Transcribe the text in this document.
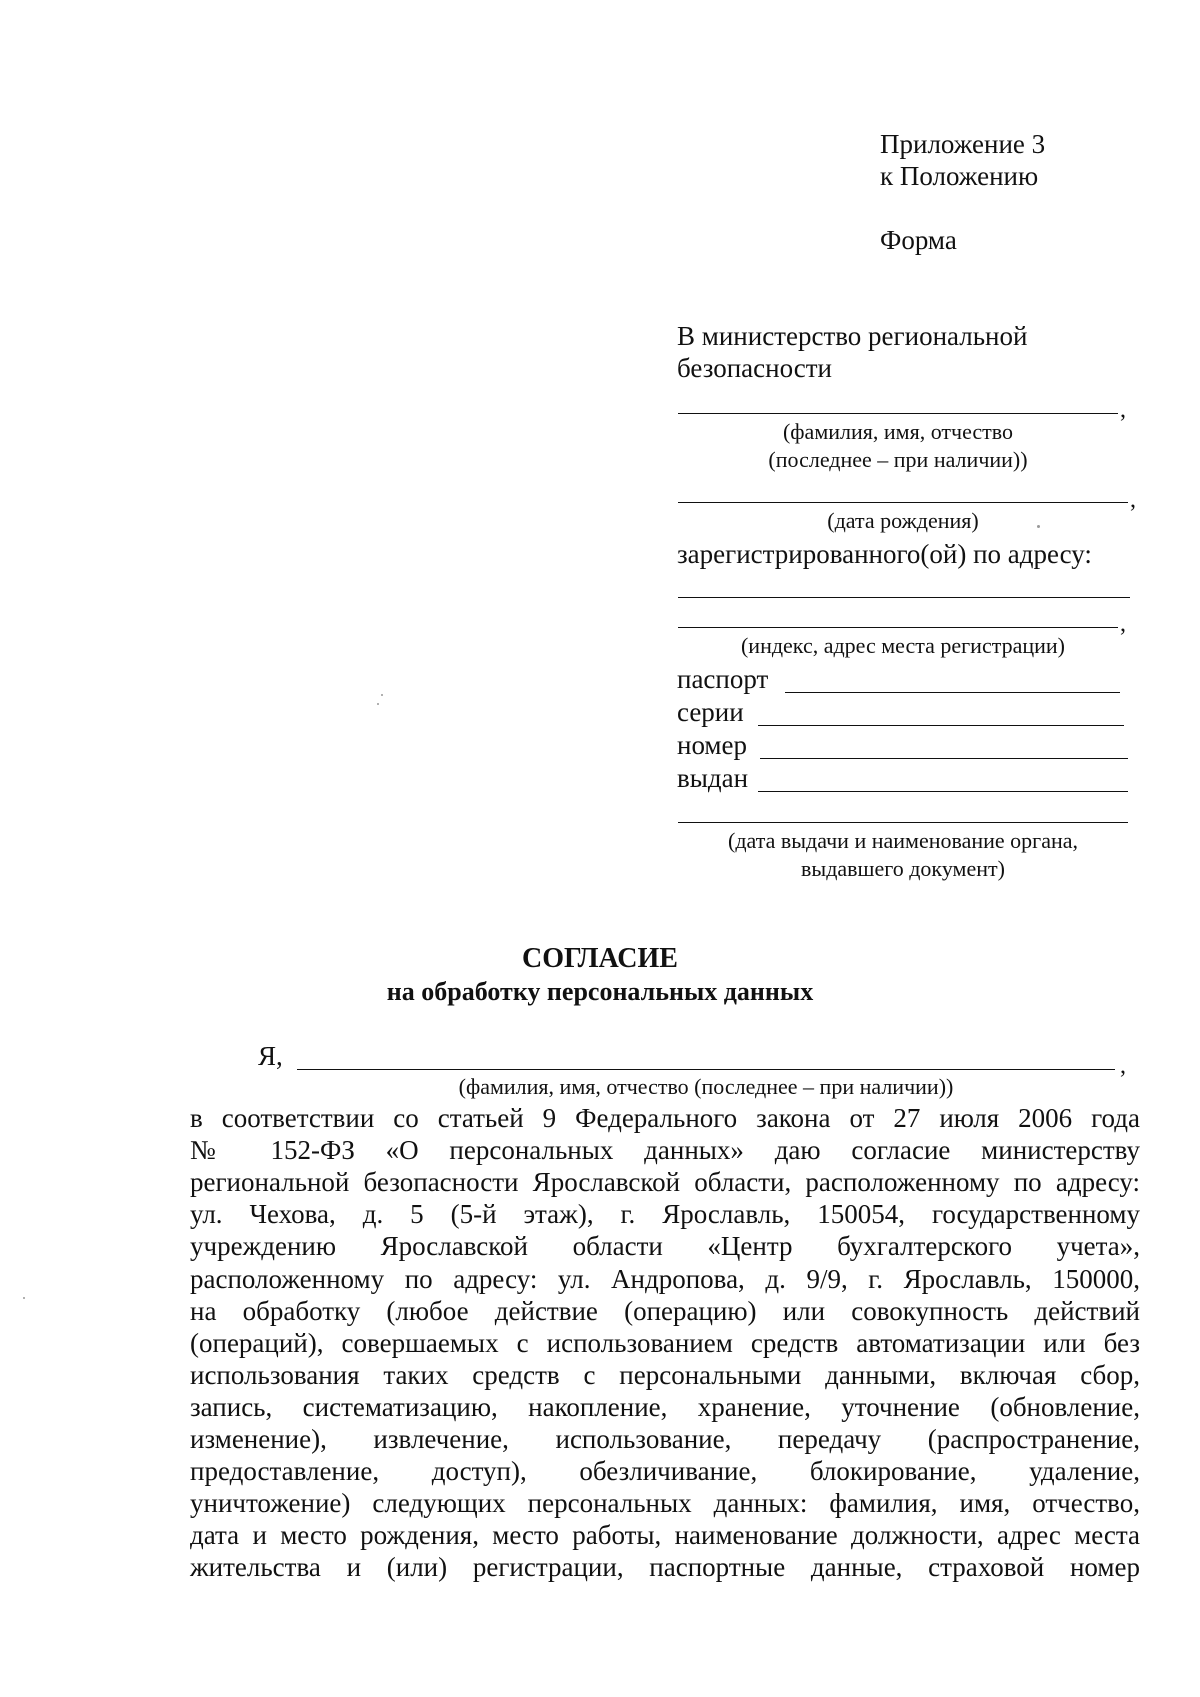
Приложение 3
к Положению
Форма
В министерство региональной
безопасности
,
(фамилия, имя, отчество
(последнее – при наличии))
,
(дата рождения)
зарегистрированного(ой) по адресу:
,
(индекс, адрес места регистрации)
паспорт
серии
номер
выдан
(дата выдачи и наименование органа,
выдавшего документ)
СОГЛАСИЕ
на обработку персональных данных
Я,	,
(фамилия, имя, отчество (последнее – при наличии))
в соответствии со статьей 9 Федерального закона от 27 июля 2006 года
№ 152-ФЗ «О персональных данных» даю согласие министерству
региональной безопасности Ярославской области, расположенному по адресу:
ул. Чехова, д. 5 (5-й этаж), г. Ярославль, 150054, государственному
учреждению Ярославской области «Центр бухгалтерского учета»,
расположенному по адресу: ул. Андропова, д. 9/9, г. Ярославль, 150000,
на обработку (любое действие (операцию) или совокупность действий
(операций), совершаемых с использованием средств автоматизации или без
использования таких средств с персональными данными, включая сбор,
запись, систематизацию, накопление, хранение, уточнение (обновление,
изменение), извлечение, использование, передачу (распространение,
предоставление, доступ), обезличивание, блокирование, удаление,
уничтожение) следующих персональных данных: фамилия, имя, отчество,
дата и место рождения, место работы, наименование должности, адрес места
жительства и (или) регистрации, паспортные данные, страховой номер
